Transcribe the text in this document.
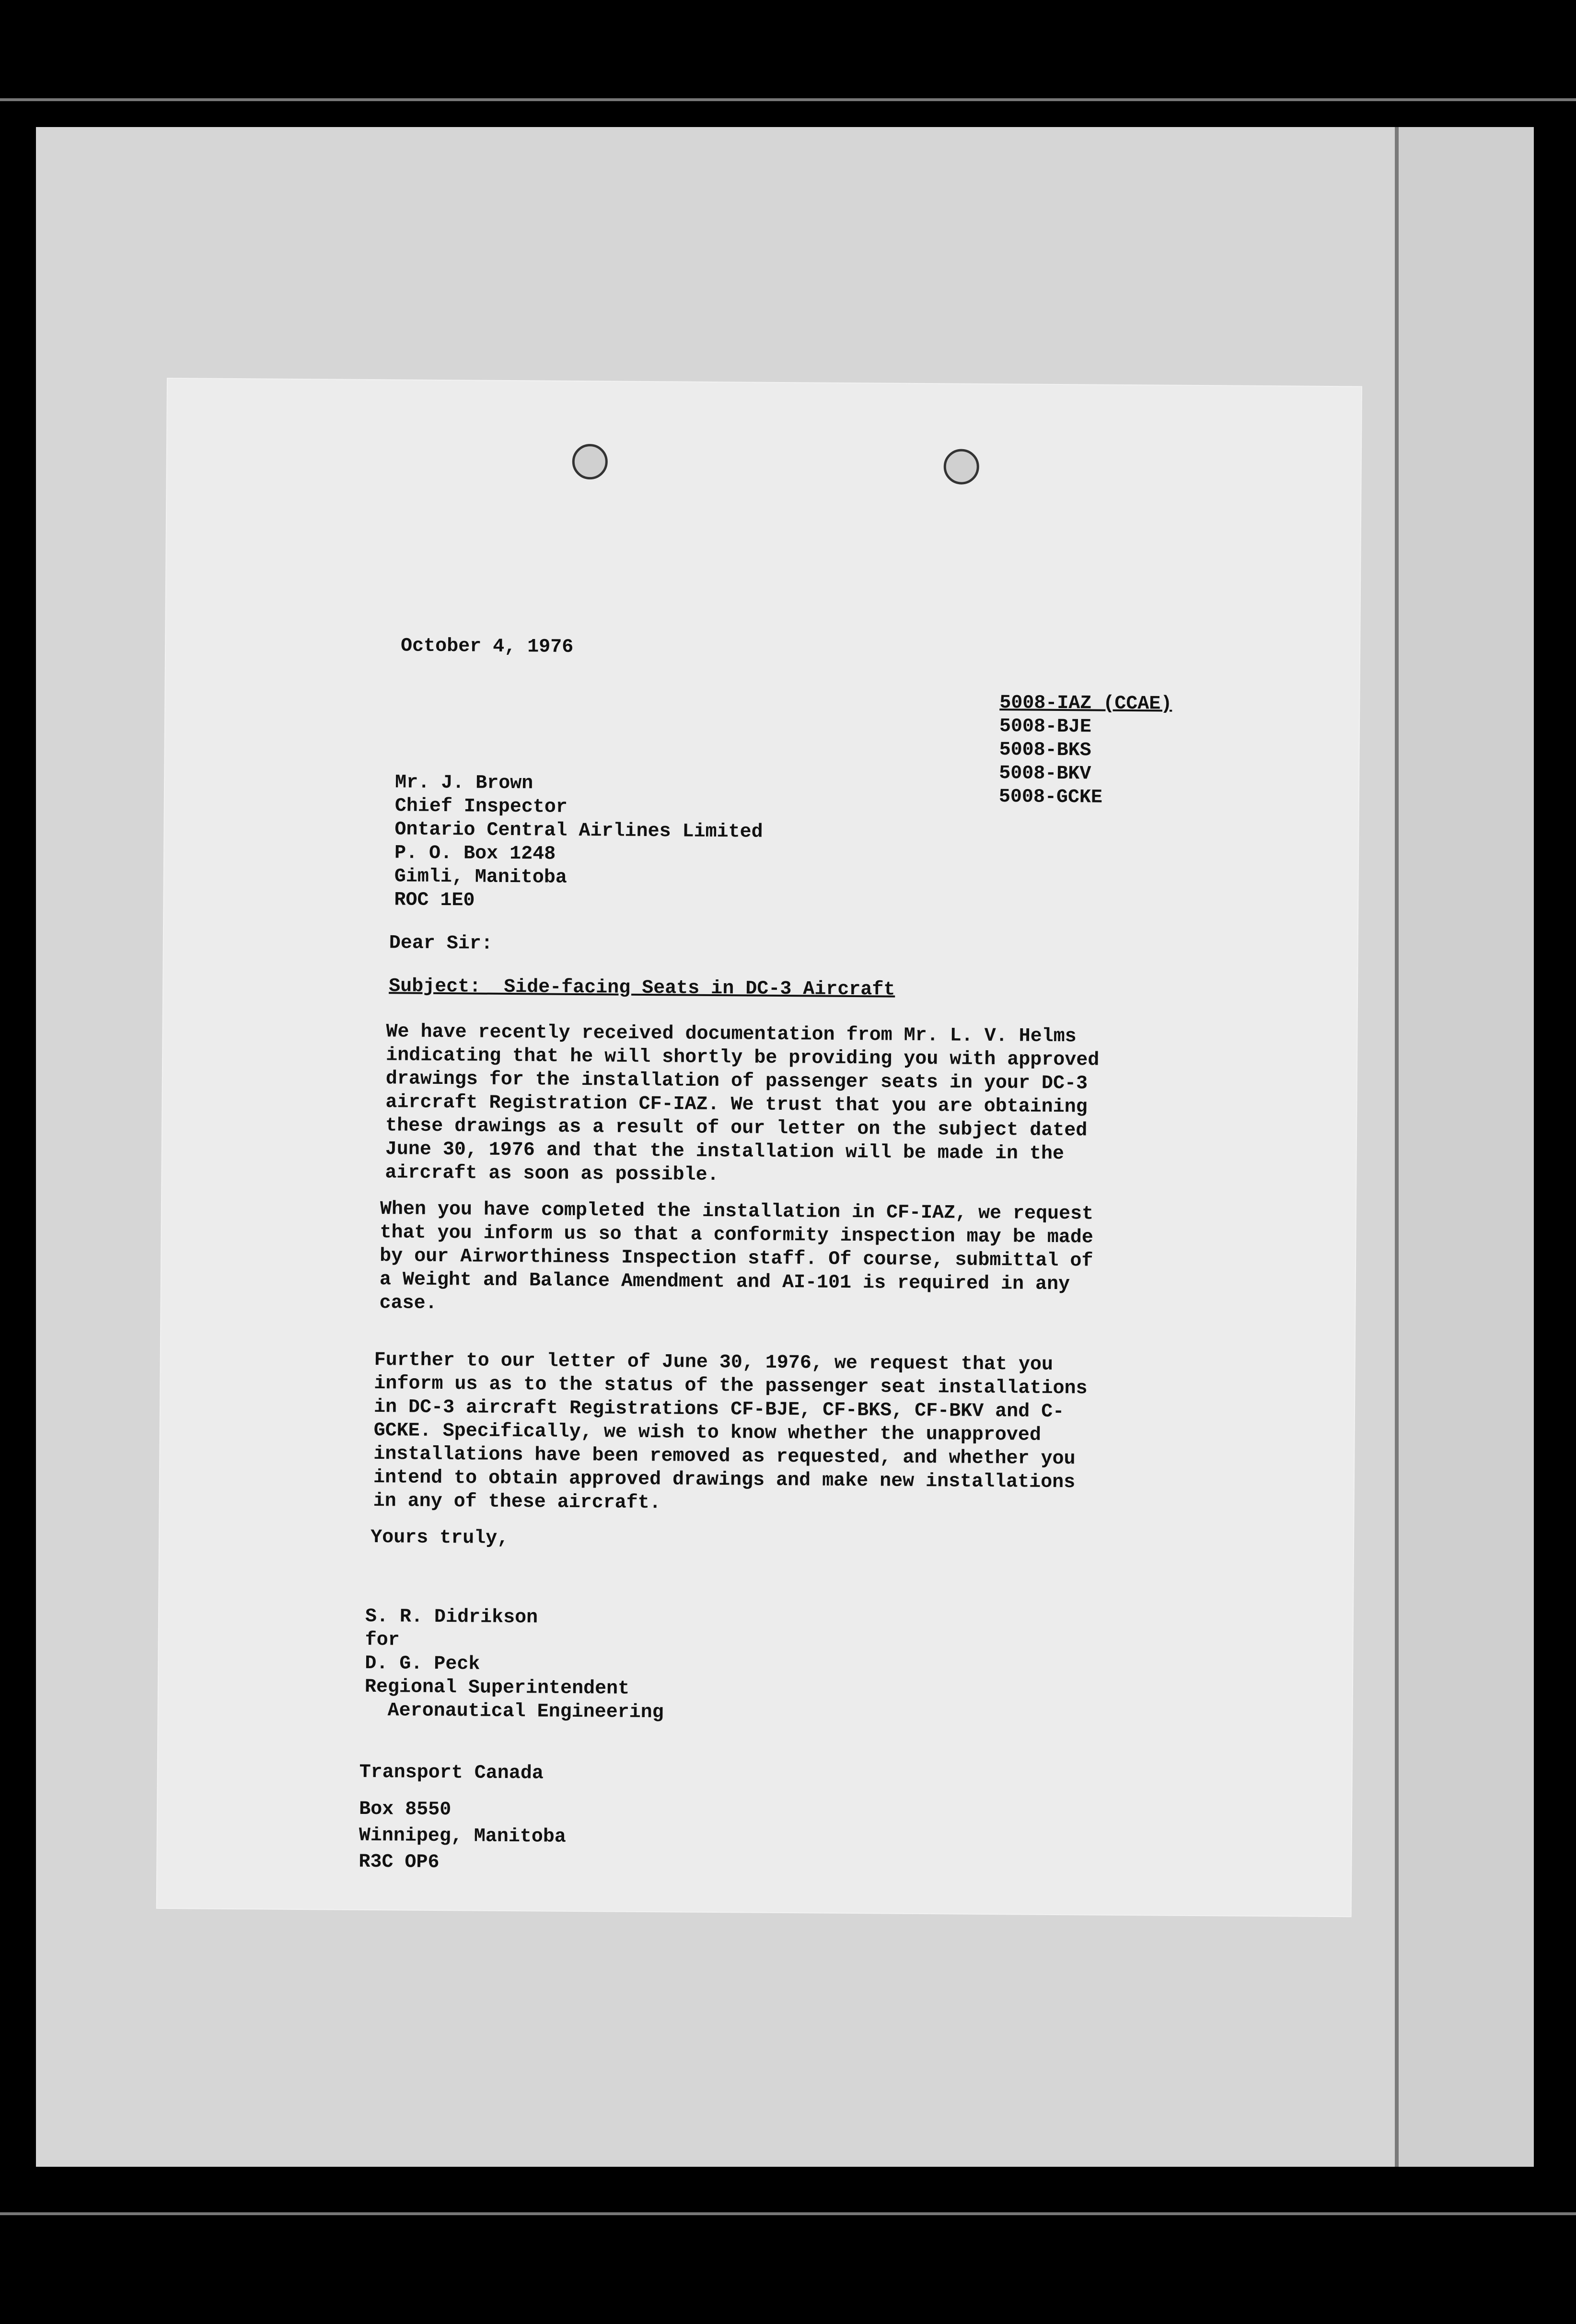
October 4, 1976
5008-IAZ (CCAE)
5008-BJE
5008-BKS
5008-BKV
5008-GCKE
Mr. J. Brown
Chief Inspector
Ontario Central Airlines Limited
P. O. Box 1248
Gimli, Manitoba
ROC 1E0
Dear Sir:
Subject:  Side-facing Seats in DC-3 Aircraft
We have recently received documentation from Mr. L. V. Helms indicating that he will shortly be providing you with approved drawings for the installation of passenger seats in your DC-3 aircraft Registration CF-IAZ. We trust that you are obtaining these drawings as a result of our letter on the subject dated June 30, 1976 and that the installation will be made in the aircraft as soon as possible.
When you have completed the installation in CF-IAZ, we request that you inform us so that a conformity inspection may be made by our Airworthiness Inspection staff. Of course, submittal of a Weight and Balance Amendment and AI-101 is required in any case.
Further to our letter of June 30, 1976, we request that you inform us as to the status of the passenger seat installations in DC-3 aircraft Registrations CF-BJE, CF-BKS, CF-BKV and C-GCKE. Specifically, we wish to know whether the unapproved installations have been removed as requested, and whether you intend to obtain approved drawings and make new installations in any of these aircraft.
Yours truly,
S. R. Didrikson
for
D. G. Peck
Regional Superintendent
Aeronautical Engineering
Transport Canada
Box 8550
Winnipeg, Manitoba
R3C OP6
